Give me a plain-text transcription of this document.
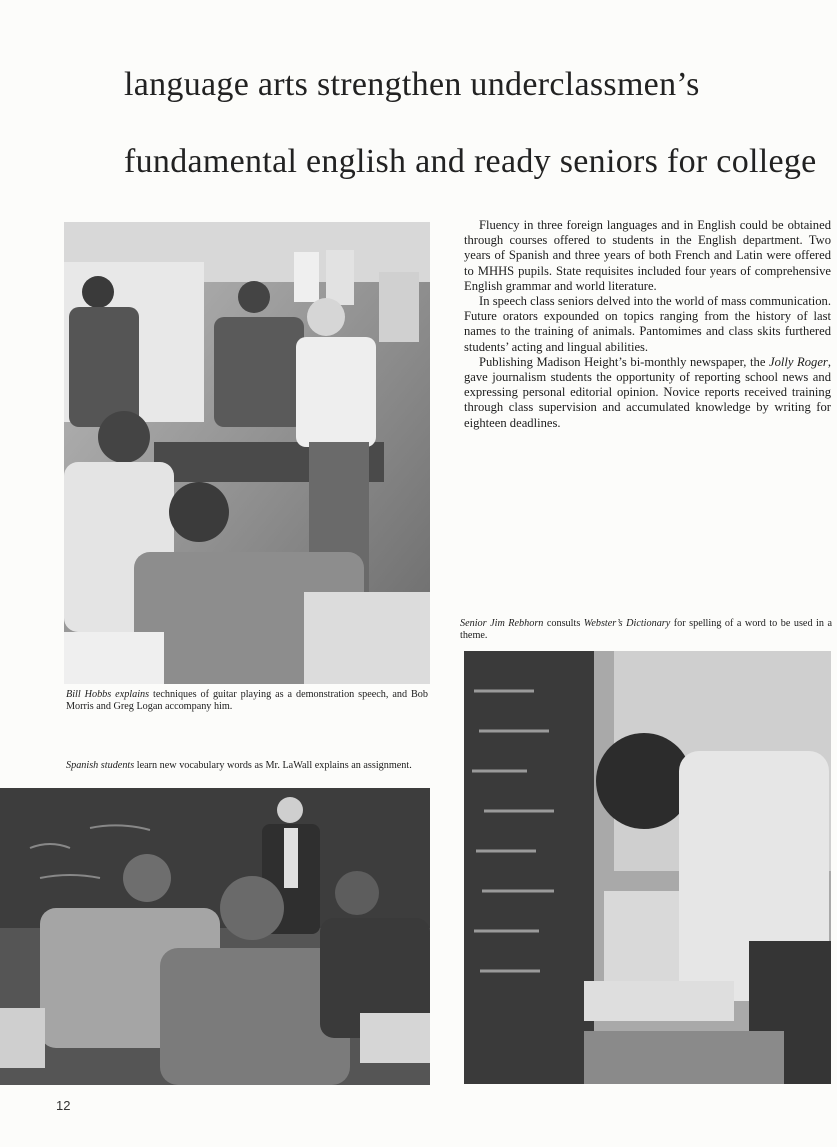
language arts strengthen underclassmen’s
fundamental english and ready seniors for college

Fluency in three foreign languages and in English could be obtained through courses offered to students in the English department. Two years of Spanish and three years of both French and Latin were offered to MHHS pupils. State requisites included four years of comprehensive English grammar and world literature.

In speech class seniors delved into the world of mass communication. Future orators expounded on topics ranging from the history of last names to the training of animals. Pantomimes and class skits furthered students’ acting and lingual abilities.

Publishing Madison Height’s bi-monthly newspaper, the Jolly Roger, gave journalism students the opportunity of reporting school news and expressing personal editorial opinion. Novice reports received training through class supervision and accumulated knowledge by writing for eighteen deadlines.

Bill Hobbs explains techniques of guitar playing as a demonstration speech, and Bob Morris and Greg Logan accompany him.
Spanish students learn new vocabulary words as Mr. LaWall explains an assignment.
Senior Jim Rebhorn consults Webster’s Dictionary for spelling of a word to be used in a theme.
12
